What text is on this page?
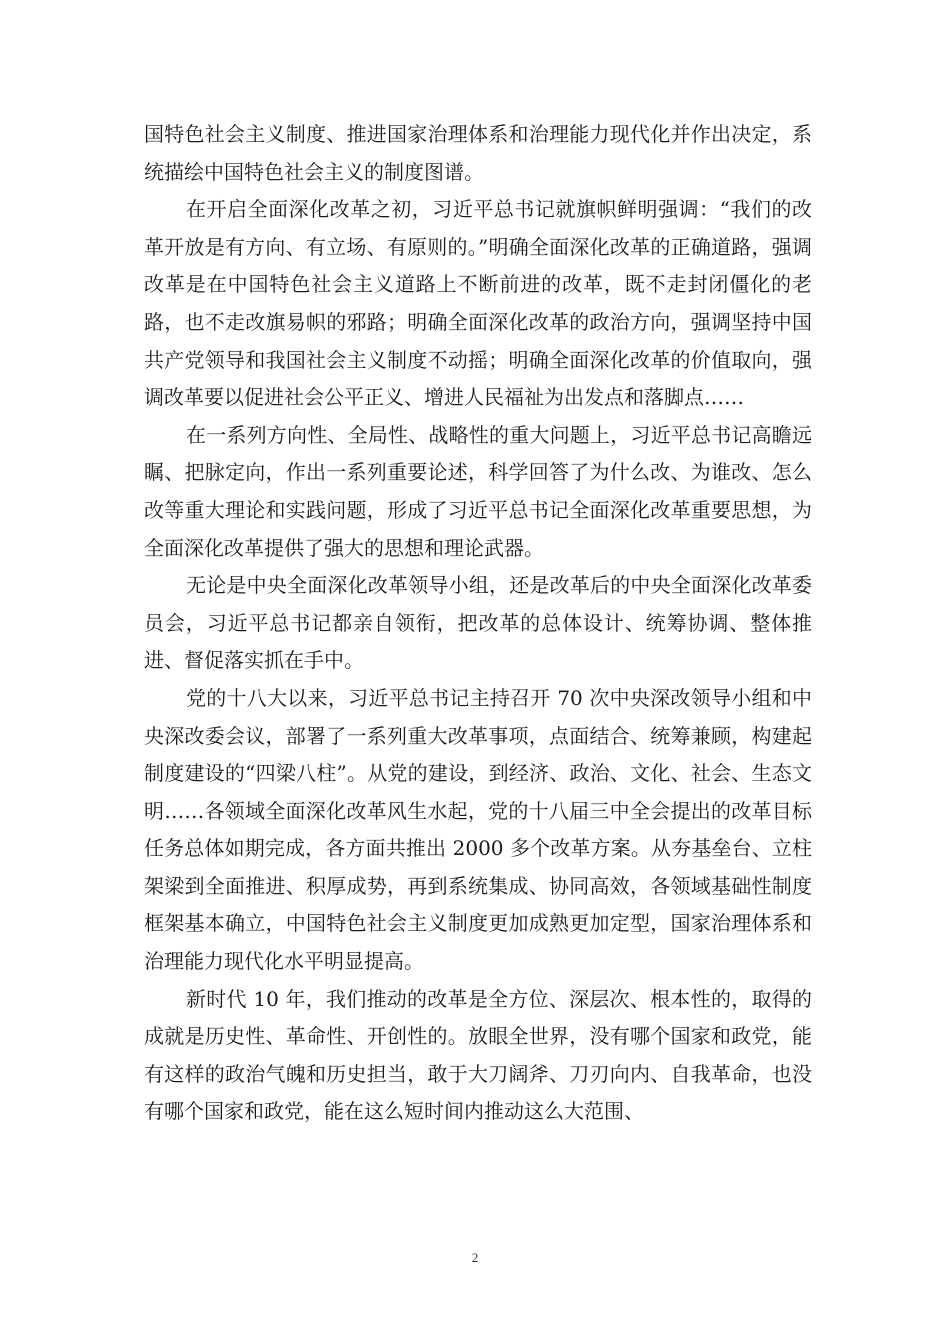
国特色社会主义制度、推进国家治理体系和治理能力现代化并作出决定，系统描绘中国特色社会主义的制度图谱。

在开启全面深化改革之初，习近平总书记就旗帜鲜明强调：“我们的改革开放是有方向、有立场、有原则的。”明确全面深化改革的正确道路，强调改革是在中国特色社会主义道路上不断前进的改革，既不走封闭僵化的老路，也不走改旗易帜的邪路；明确全面深化改革的政治方向，强调坚持中国共产党领导和我国社会主义制度不动摇；明确全面深化改革的价值取向，强调改革要以促进社会公平正义、增进人民福祉为出发点和落脚点……

在一系列方向性、全局性、战略性的重大问题上，习近平总书记高瞻远瞩、把脉定向，作出一系列重要论述，科学回答了为什么改、为谁改、怎么改等重大理论和实践问题，形成了习近平总书记全面深化改革重要思想，为全面深化改革提供了强大的思想和理论武器。

无论是中央全面深化改革领导小组，还是改革后的中央全面深化改革委员会，习近平总书记都亲自领衔，把改革的总体设计、统筹协调、整体推进、督促落实抓在手中。

党的十八大以来，习近平总书记主持召开 70 次中央深改领导小组和中央深改委会议，部署了一系列重大改革事项，点面结合、统筹兼顾，构建起制度建设的“四梁八柱”。从党的建设，到经济、政治、文化、社会、生态文明……各领域全面深化改革风生水起，党的十八届三中全会提出的改革目标任务总体如期完成，各方面共推出 2000 多个改革方案。从夯基垒台、立柱架梁到全面推进、积厚成势，再到系统集成、协同高效，各领域基础性制度框架基本确立，中国特色社会主义制度更加成熟更加定型，国家治理体系和治理能力现代化水平明显提高。

新时代 10 年，我们推动的改革是全方位、深层次、根本性的，取得的成就是历史性、革命性、开创性的。放眼全世界，没有哪个国家和政党，能有这样的政治气魄和历史担当，敢于大刀阔斧、刀刃向内、自我革命，也没有哪个国家和政党，能在这么短时间内推动这么大范围、

2
